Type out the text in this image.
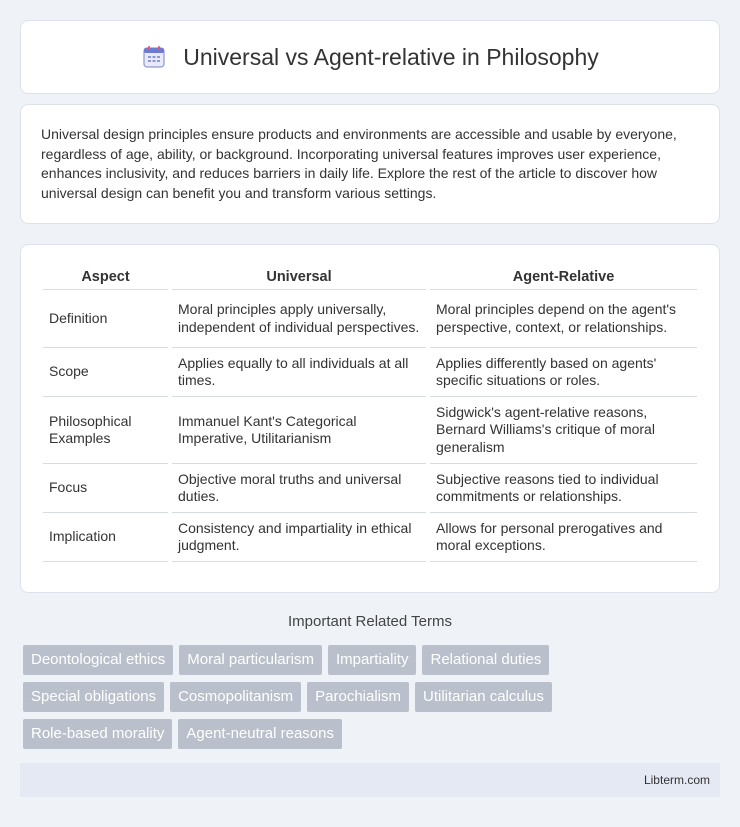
Universal vs Agent-relative in Philosophy

Universal design principles ensure products and environments are accessible and usable by everyone, regardless of age, ability, or background. Incorporating universal features improves user experience, enhances inclusivity, and reduces barriers in daily life. Explore the rest of the article to discover how universal design can benefit you and transform various settings.

Aspect		Universal		Agent-Relative
Definition		Moral principles apply universally, independent of individual perspectives.		Moral principles depend on the agent's perspective, context, or relationships.
Scope		Applies equally to all individuals at all times.		Applies differently based on agents' specific situations or roles.
Philosophical Examples		Immanuel Kant's Categorical Imperative, Utilitarianism		Sidgwick's agent-relative reasons, Bernard Williams's critique of moral generalism
Focus		Objective moral truths and universal duties.		Subjective reasons tied to individual commitments or relationships.
Implication		Consistency and impartiality in ethical judgment.		Allows for personal prerogatives and moral exceptions.
Important Related Terms
Deontological ethics	Moral particularism	Impartiality	Relational duties
Special obligations	Cosmopolitanism	Parochialism	Utilitarian calculus
Role-based morality	Agent-neutral reasons
Libterm.com
